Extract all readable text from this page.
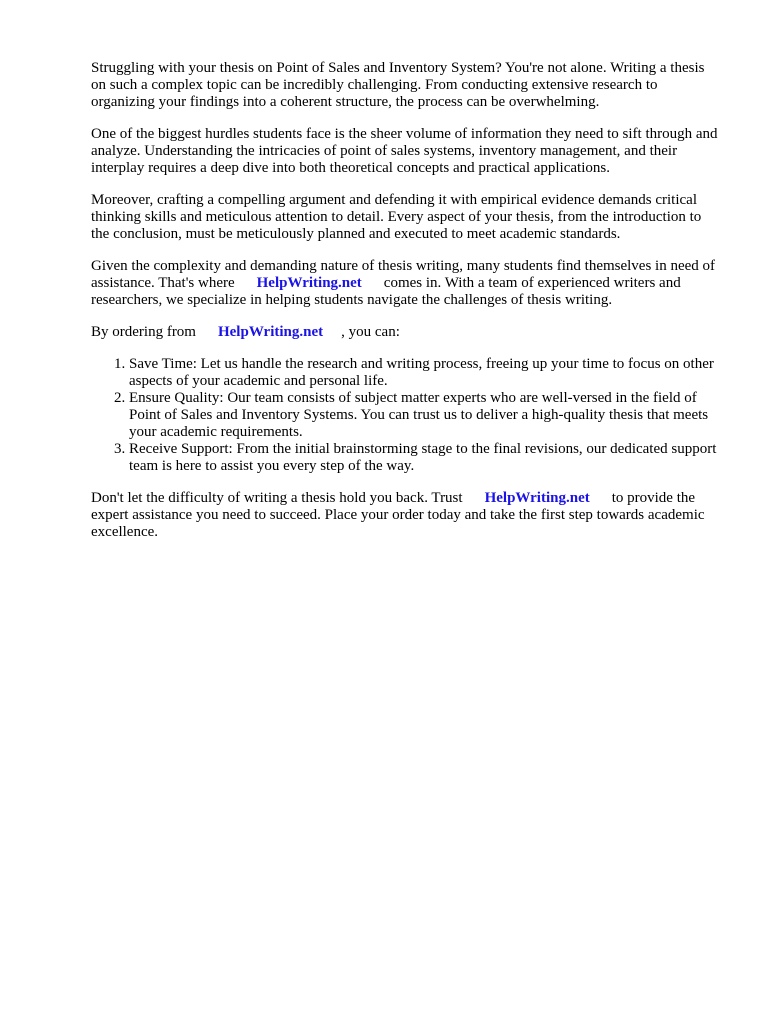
Struggling with your thesis on Point of Sales and Inventory System? You're not alone. Writing a thesis on such a complex topic can be incredibly challenging. From conducting extensive research to organizing your findings into a coherent structure, the process can be overwhelming.

One of the biggest hurdles students face is the sheer volume of information they need to sift through and analyze. Understanding the intricacies of point of sales systems, inventory management, and their interplay requires a deep dive into both theoretical concepts and practical applications.

Moreover, crafting a compelling argument and defending it with empirical evidence demands critical thinking skills and meticulous attention to detail. Every aspect of your thesis, from the introduction to the conclusion, must be meticulously planned and executed to meet academic standards.

Given the complexity and demanding nature of thesis writing, many students find themselves in need of assistance. That's where HelpWriting.net comes in. With a team of experienced writers and researchers, we specialize in helping students navigate the challenges of thesis writing.

By ordering from HelpWriting.net , you can:

1. Save Time: Let us handle the research and writing process, freeing up your time to focus on other aspects of your academic and personal life.
2. Ensure Quality: Our team consists of subject matter experts who are well-versed in the field of Point of Sales and Inventory Systems. You can trust us to deliver a high-quality thesis that meets your academic requirements.
3. Receive Support: From the initial brainstorming stage to the final revisions, our dedicated support team is here to assist you every step of the way.

Don't let the difficulty of writing a thesis hold you back. Trust HelpWriting.net to provide the expert assistance you need to succeed. Place your order today and take the first step towards academic excellence.
